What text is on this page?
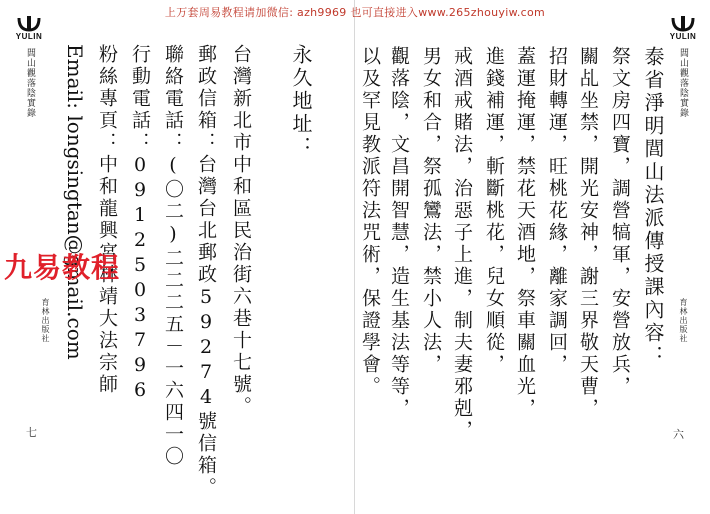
上万套周易教程请加微信: azh9969 也可直接进入www.265zhouyiw.com
YULIN
閭山觀落陰實錄
育林出版社
七
永久地址：
台灣新北市中和區民治街六巷十七號。
郵政信箱：台灣台北郵政59274號信箱。
聯絡電話：(〇二)二二二五－一六四一〇
行動電話：0912503796
粉絲專頁：中和龍興宮林靖大法宗師
Email: longsingtan@gmail.com
YULIN
閭山觀落陰實錄
育林出版社
六
泰省淨明閭山法派傳授課內容：
祭文房四寶，調營犒軍，安營放兵，
關乩坐禁，開光安神，謝三界敬天曹，
招財轉運，旺桃花緣，離家調回，
蓋運掩運，禁花天酒地，祭車關血光，
進錢補運，斬斷桃花，兒女順從，
戒酒戒賭法，治惡子上進，制夫妻邪剋，
男女和合，祭孤鸞法，禁小人法，
觀落陰，文昌開智慧，造生基法等等，
以及罕見教派符法咒術，保證學會。
九易教程
